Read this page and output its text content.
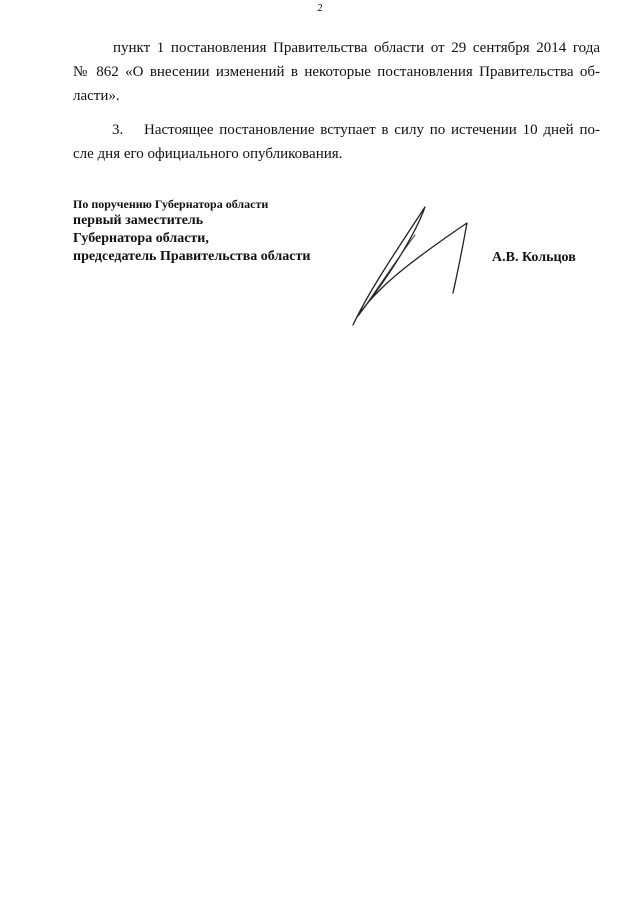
2
пункт 1 постановления Правительства области от 29 сентября 2014 года
№ 862 «О внесении изменений в некоторые постановления Правительства об-
ласти».
3. Настоящее постановление вступает в силу по истечении 10 дней по-
сле дня его официального опубликования.
По поручению Губернатора области
первый заместитель
Губернатора области,
председатель Правительства области	А.В. Кольцов
